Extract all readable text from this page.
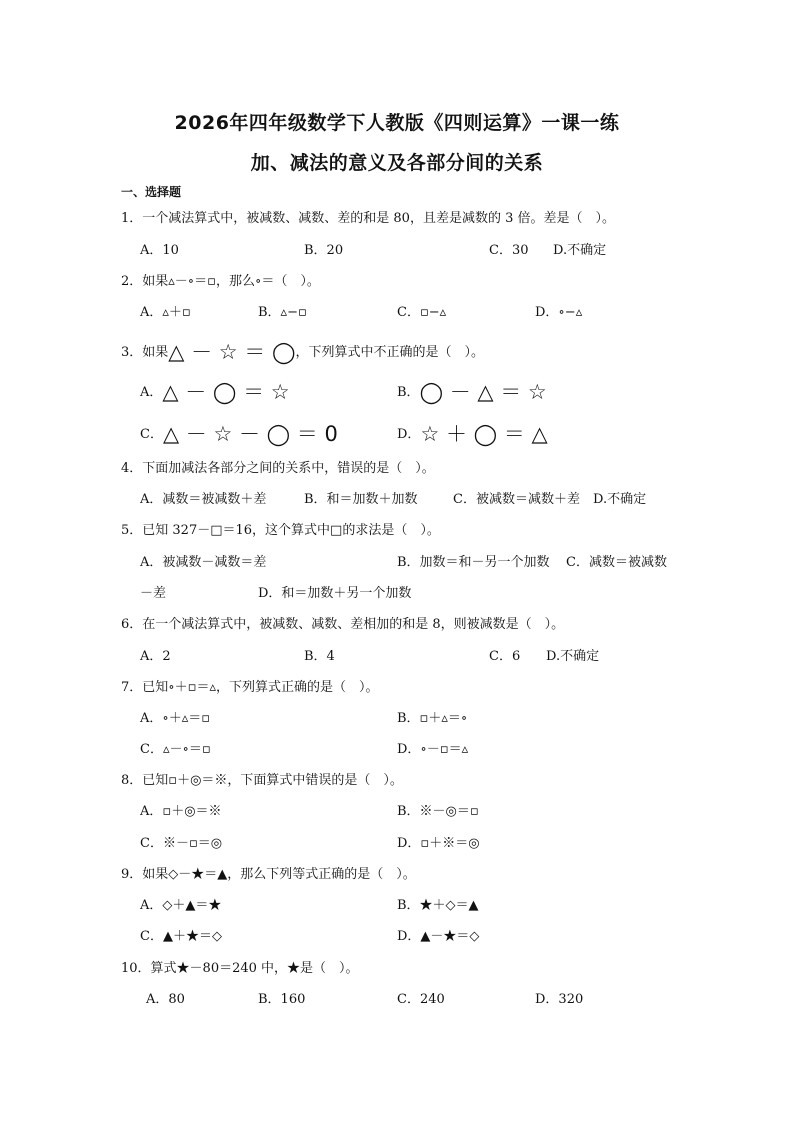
2026年四年级数学下人教版《四则运算》一课一练
加、减法的意义及各部分间的关系
一、选择题
1．一个减法算式中，被减数、减数、差的和是 80，且差是减数的 3 倍。差是（　）。
A．10	B．20	C．30 D.不确定
2．如果▵－∘＝▫，那么∘＝（　）。
A．▵＋▫	B．▵−▫	C．▫−▵	D．∘−▵
3．如果△ － ☆ ＝ ◯，下列算式中不正确的是（　）。
A．△ － ◯ ＝ ☆	B．◯ － △ ＝ ☆
C．△ － ☆ － ◯ ＝ 0	D．☆ ＋ ◯ ＝ △
4．下面加减法各部分之间的关系中，错误的是（　）。
A．减数＝被减数＋差	B．和＝加数＋加数	C．被减数＝减数＋差 D.不确定
5．已知 327－□＝16，这个算式中□的求法是（　）。
A．被减数－减数＝差	B．加数＝和－另一个加数 C．减数＝被减数
－差	D．和＝加数＋另一个加数
6．在一个减法算式中，被减数、减数、差相加的和是 8，则被减数是（　）。
A．2	B．4	C．6 D.不确定
7．已知∘＋▫＝▵，下列算式正确的是（　）。
A．∘＋▵＝▫	B．▫＋▵＝∘
C．▵－∘＝▫	D．∘－▫＝▵
8．已知▫＋◎＝※，下面算式中错误的是（　）。
A．▫＋◎＝※	B．※－◎＝▫
C．※－▫＝◎	D．▫＋※＝◎
9．如果◇－★＝▲，那么下列等式正确的是（　）。
A．◇＋▲＝★	B．★＋◇＝▲
C．▲＋★＝◇	D．▲－★＝◇
10．算式★－80＝240 中，★是（　）。
A．80	B．160	C．240	D．320
